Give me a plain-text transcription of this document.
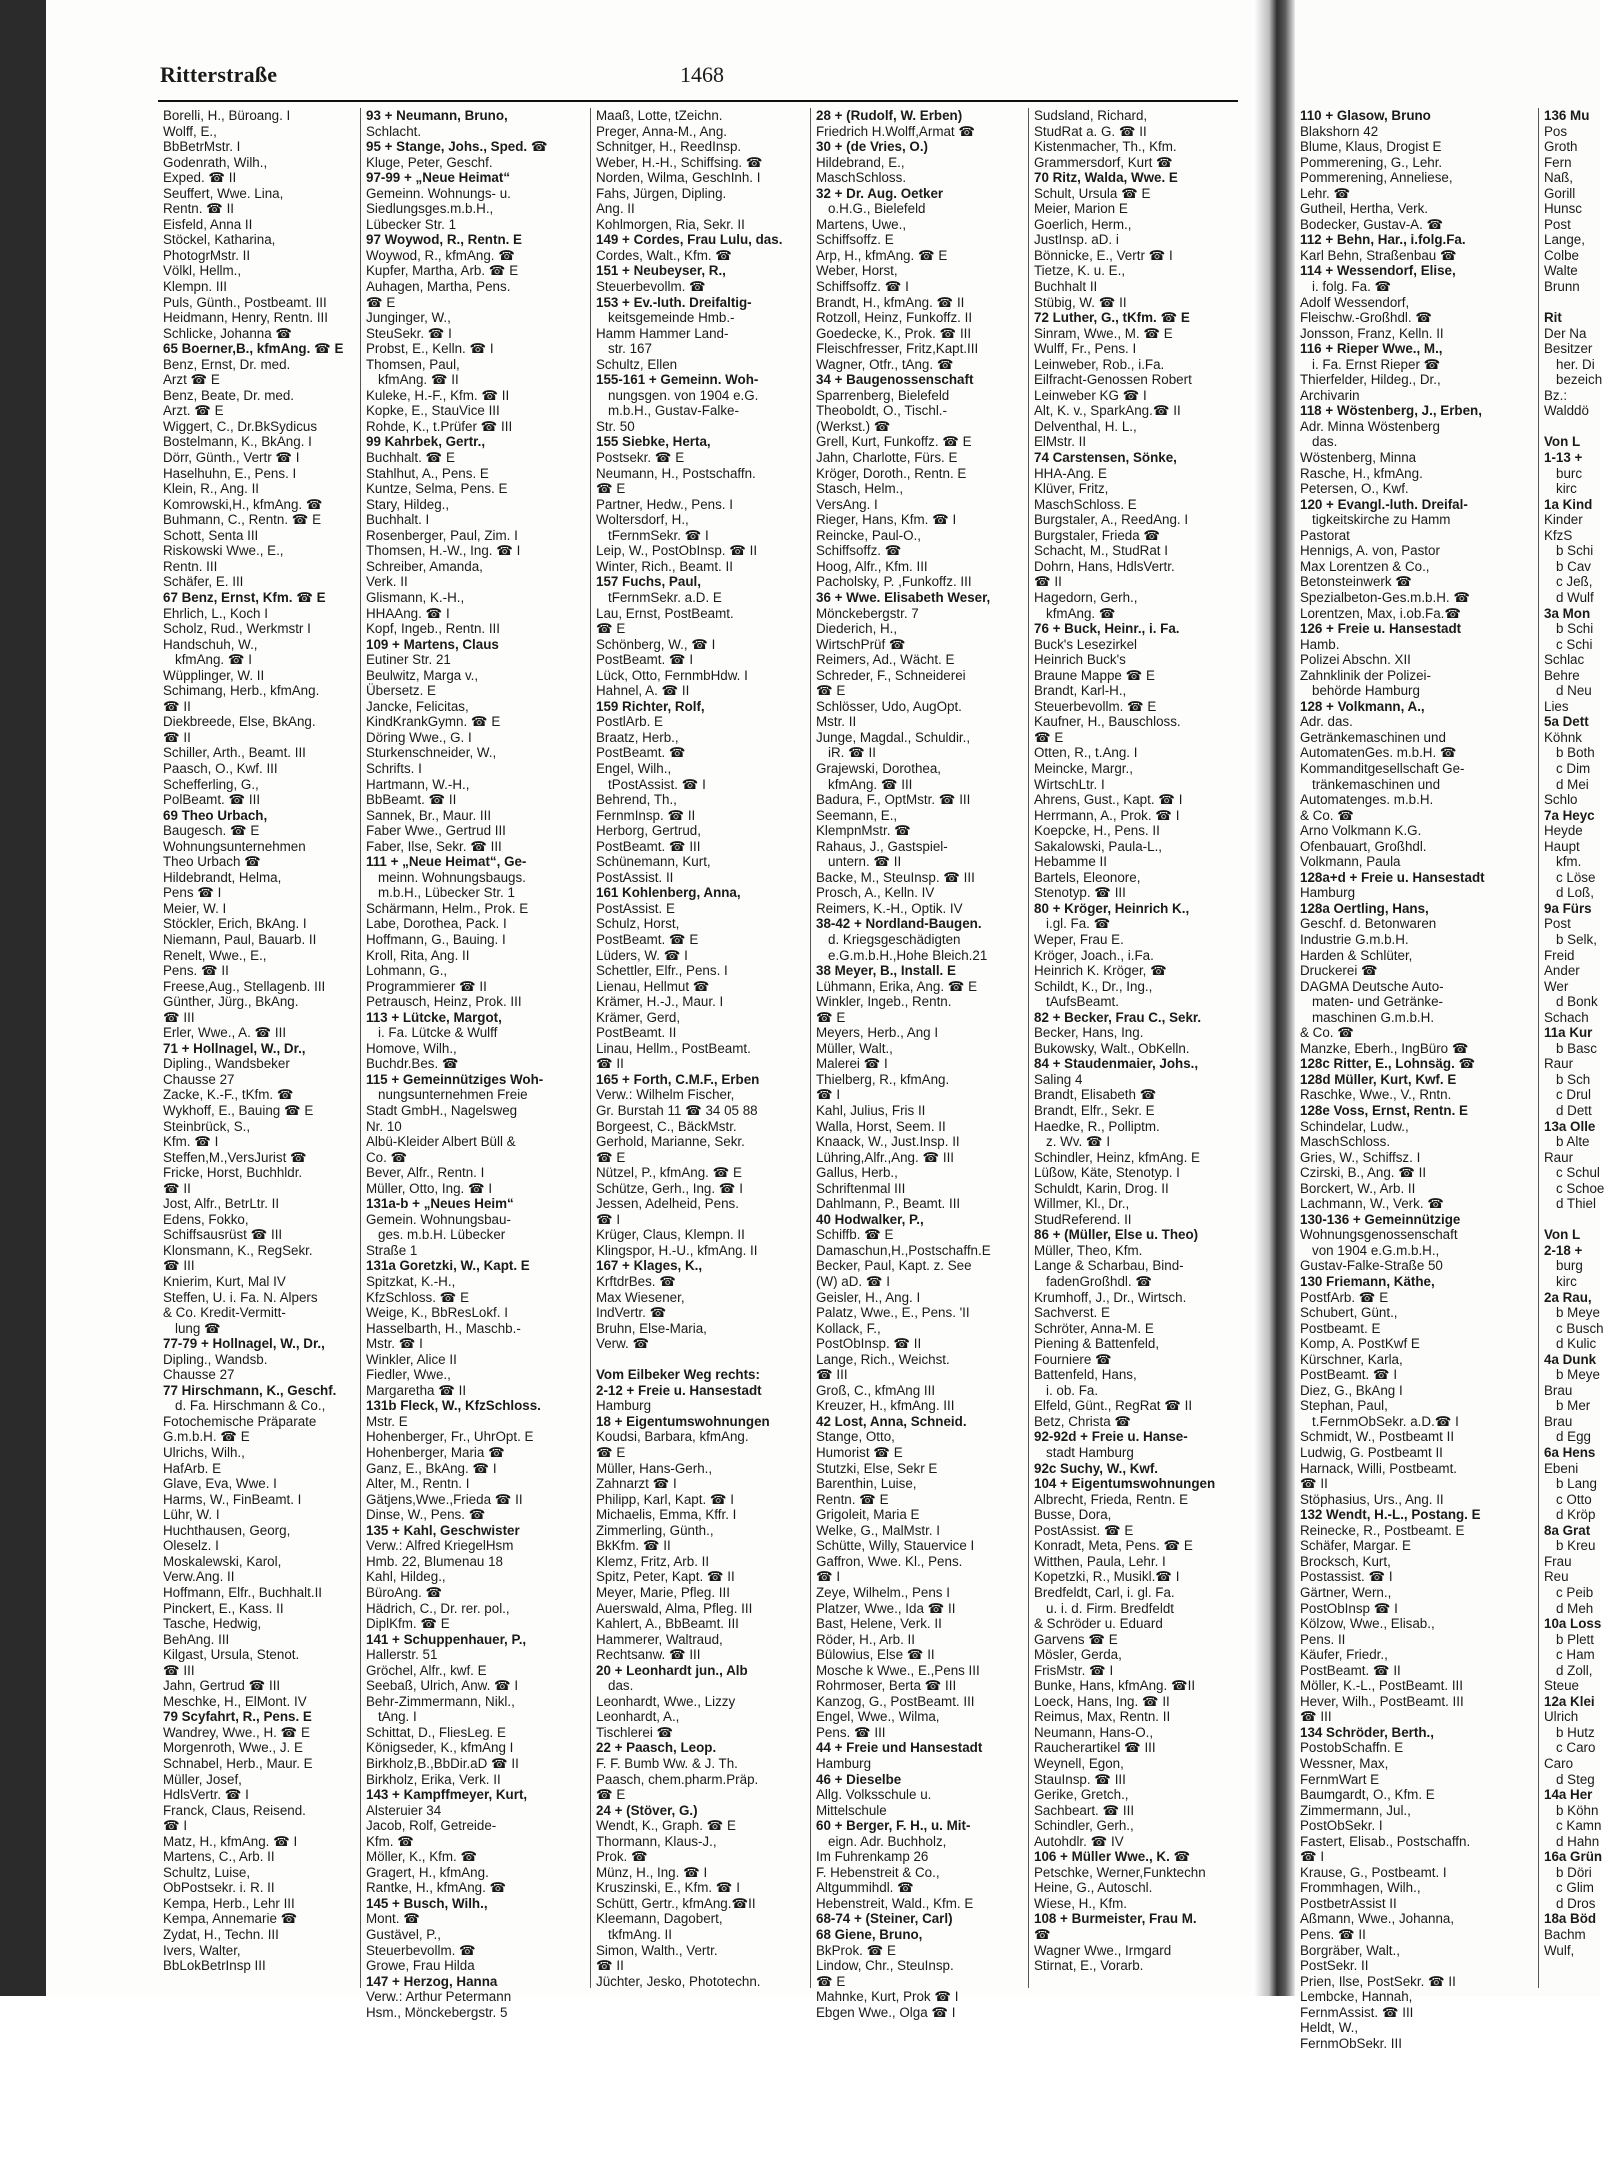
Ritterstraße	1468
Borelli, H., Büroang. I
Wolff, E.,
BbBetrMstr. I
Godenrath, Wilh.,
Exped. ☎ II
Seuffert, Wwe. Lina,
Rentn. ☎ II
Eisfeld, Anna II
Stöckel, Katharina,
PhotogrMstr. II
Völkl, Hellm.,
Klempn. III
Puls, Günth., Postbeamt. III
Heidmann, Henry, Rentn. III
Schlicke, Johanna ☎
65 Boerner,B., kfmAng. ☎ E
Benz, Ernst, Dr. med.
Arzt ☎ E
Benz, Beate, Dr. med.
Arzt. ☎ E
Wiggert, C., Dr.BkSydicus
Bostelmann, K., BkAng. I
Dörr, Günth., Vertr ☎ I
Haselhuhn, E., Pens. I
Klein, R., Ang. II
Komrowski,H., kfmAng. ☎
Buhmann, C., Rentn. ☎ E
Schott, Senta III
Riskowski Wwe., E.,
Rentn. III
Schäfer, E. III
67 Benz, Ernst, Kfm. ☎ E
Ehrlich, L., Koch I
Scholz, Rud., Werkmstr I
Handschuh, W.,
kfmAng. ☎ I
Wüpplinger, W. II
Schimang, Herb., kfmAng.
☎ II
Diekbreede, Else, BkAng.
☎ II
Schiller, Arth., Beamt. III
Paasch, O., Kwf. III
Schefferling, G.,
PolBeamt. ☎ III
69 Theo Urbach,
Baugesch. ☎ E
Wohnungsunternehmen
Theo Urbach ☎
Hildebrandt, Helma,
Pens ☎ I
Meier, W. I
Stöckler, Erich, BkAng. I
Niemann, Paul, Bauarb. II
Renelt, Wwe., E.,
Pens. ☎ II
Freese,Aug., Stellagenb. III
Günther, Jürg., BkAng.
☎ III
Erler, Wwe., A. ☎ III
71 + Hollnagel, W., Dr.,
Dipling., Wandsbeker
Chausse 27
Zacke, K.-F., tKfm. ☎
Wykhoff, E., Bauing ☎ E
Steinbrück, S.,
Kfm. ☎ I
Steffen,M.,VersJurist ☎
Fricke, Horst, Buchhldr.
☎ II
Jost, Alfr., BetrLtr. II
Edens, Fokko,
Schiffsausrüst ☎ III
Klonsmann, K., RegSekr.
☎ III
Knierim, Kurt, Mal IV
Steffen, U. i. Fa. N. Alpers
& Co. Kredit-Vermitt-
lung ☎
77-79 + Hollnagel, W., Dr.,
Dipling., Wandsb.
Chausse 27
77 Hirschmann, K., Geschf.
d. Fa. Hirschmann & Co.,
Fotochemische Präparate
G.m.b.H. ☎ E
Ulrichs, Wilh.,
HafArb. E
Glave, Eva, Wwe. I
Harms, W., FinBeamt. I
Lühr, W. I
Huchthausen, Georg,
Oleselz. I
Moskalewski, Karol,
Verw.Ang. II
Hoffmann, Elfr., Buchhalt.II
Pinckert, E., Kass. II
Tasche, Hedwig,
BehAng. III
Kilgast, Ursula, Stenot.
☎ III
Jahn, Gertrud ☎ III
Meschke, H., ElMont. IV
79 Scyfahrt, R., Pens. E
Wandrey, Wwe., H. ☎ E
Morgenroth, Wwe., J. E
Schnabel, Herb., Maur. E
Müller, Josef,
HdlsVertr. ☎ I
Franck, Claus, Reisend.
☎ I
Matz, H., kfmAng. ☎ I
Martens, C., Arb. II
Schultz, Luise,
ObPostsekr. i. R. II
Kempa, Herb., Lehr III
Kempa, Annemarie ☎
Zydat, H., Techn. III
Ivers, Walter,
BbLokBetrInsp III
93 + Neumann, Bruno,
Schlacht.
95 + Stange, Johs., Sped. ☎
Kluge, Peter, Geschf.
97-99 + „Neue Heimat“
Gemeinn. Wohnungs- u.
Siedlungsges.m.b.H.,
Lübecker Str. 1
97 Woywod, R., Rentn. E
Woywod, R., kfmAng. ☎
Kupfer, Martha, Arb. ☎ E
Auhagen, Martha, Pens.
☎ E
Junginger, W.,
SteuSekr. ☎ I
Probst, E., Kelln. ☎ I
Thomsen, Paul,
kfmAng. ☎ II
Kuleke, H.-F., Kfm. ☎ II
Kopke, E., StauVice III
Rohde, K., t.Prüfer ☎ III
99 Kahrbek, Gertr.,
Buchhalt. ☎ E
Stahlhut, A., Pens. E
Kuntze, Selma, Pens. E
Stary, Hildeg.,
Buchhalt. I
Rosenberger, Paul, Zim. I
Thomsen, H.-W., Ing. ☎ I
Schreiber, Amanda,
Verk. II
Glismann, K.-H.,
HHAAng. ☎ I
Kopf, Ingeb., Rentn. III
109 + Martens, Claus
Eutiner Str. 21
Beulwitz, Marga v.,
Übersetz. E
Jancke, Felicitas,
KindKrankGymn. ☎ E
Döring Wwe., G. I
Sturkenschneider, W.,
Schrifts. I
Hartmann, W.-H.,
BbBeamt. ☎ II
Sannek, Br., Maur. III
Faber Wwe., Gertrud III
Faber, Ilse, Sekr. ☎ III
111 + „Neue Heimat“, Ge-
meinn. Wohnungsbaugs.
m.b.H., Lübecker Str. 1
Schärmann, Helm., Prok. E
Labe, Dorothea, Pack. I
Hoffmann, G., Bauing. I
Kroll, Rita, Ang. II
Lohmann, G.,
Programmierer ☎ II
Petrausch, Heinz, Prok. III
113 + Lütcke, Margot,
i. Fa. Lütcke & Wulff
Homove, Wilh.,
Buchdr.Bes. ☎
115 + Gemeinnütziges Woh-
nungsunternehmen Freie
Stadt GmbH., Nagelsweg
Nr. 10
Albü-Kleider Albert Büll &
Co. ☎
Bever, Alfr., Rentn. I
Müller, Otto, Ing. ☎ I
131a-b + „Neues Heim“
Gemein. Wohnungsbau-
ges. m.b.H. Lübecker
Straße 1
131a Goretzki, W., Kapt. E
Spitzkat, K.-H.,
KfzSchloss. ☎ E
Weige, K., BbResLokf. I
Hasselbarth, H., Maschb.-
Mstr. ☎ I
Winkler, Alice II
Fiedler, Wwe.,
Margaretha ☎ II
131b Fleck, W., KfzSchloss.
Mstr. E
Hohenberger, Fr., UhrOpt. E
Hohenberger, Maria ☎
Ganz, E., BkAng. ☎ I
Alter, M., Rentn. I
Gätjens,Wwe.,Frieda ☎ II
Dinse, W., Pens. ☎
135 + Kahl, Geschwister
Verw.: Alfred KriegelHsm
Hmb. 22, Blumenau 18
Kahl, Hildeg.,
BüroAng. ☎
Hädrich, C., Dr. rer. pol.,
DiplKfm. ☎ E
141 + Schuppenhauer, P.,
Hallerstr. 51
Gröchel, Alfr., kwf. E
Seebaß, Ulrich, Anw. ☎ I
Behr-Zimmermann, Nikl.,
tAng. I
Schittat, D., FliesLeg. E
Königseder, K., kfmAng I
Birkholz,B.,BbDir.aD ☎ II
Birkholz, Erika, Verk. II
143 + Kampffmeyer, Kurt,
Alsteruier 34
Jacob, Rolf, Getreide-
Kfm. ☎
Möller, K., Kfm. ☎
Gragert, H., kfmAng.
Rantke, H., kfmAng. ☎
145 + Busch, Wilh.,
Mont. ☎
Gustävel, P.,
Steuerbevollm. ☎
Growe, Frau Hilda
147 + Herzog, Hanna
Verw.: Arthur Petermann
Hsm., Mönckebergstr. 5
Maaß, Lotte, tZeichn.
Preger, Anna-M., Ang.
Schnitger, H., ReedInsp.
Weber, H.-H., Schiffsing. ☎
Norden, Wilma, GeschInh. I
Fahs, Jürgen, Dipling.
Ang. II
Kohlmorgen, Ria, Sekr. II
149 + Cordes, Frau Lulu, das.
Cordes, Walt., Kfm. ☎
151 + Neubeyser, R.,
Steuerbevollm. ☎
153 + Ev.-luth. Dreifaltig-
keitsgemeinde Hmb.-
Hamm Hammer Land-
str. 167
Schultz, Ellen
155-161 + Gemeinn. Woh-
nungsgen. von 1904 e.G.
m.b.H., Gustav-Falke-
Str. 50
155 Siebke, Herta,
Postsekr. ☎ E
Neumann, H., Postschaffn.
☎ E
Partner, Hedw., Pens. I
Woltersdorf, H.,
tFernmSekr. ☎ I
Leip, W., PostObInsp. ☎ II
Winter, Rich., Beamt. II
157 Fuchs, Paul,
tFernmSekr. a.D. E
Lau, Ernst, PostBeamt.
☎ E
Schönberg, W., ☎ I
PostBeamt. ☎ I
Lück, Otto, FernmbHdw. I
Hahnel, A. ☎ II
159 Richter, Rolf,
PostlArb. E
Braatz, Herb.,
PostBeamt. ☎
Engel, Wilh.,
tPostAssist. ☎ I
Behrend, Th.,
FernmInsp. ☎ II
Herborg, Gertrud,
PostBeamt. ☎ III
Schünemann, Kurt,
PostAssist. II
161 Kohlenberg, Anna,
PostAssist. E
Schulz, Horst,
PostBeamt. ☎ E
Lüders, W. ☎ I
Schettler, Elfr., Pens. I
Lienau, Hellmut ☎
Krämer, H.-J., Maur. I
Krämer, Gerd,
PostBeamt. II
Linau, Hellm., PostBeamt.
☎ II
165 + Forth, C.M.F., Erben
Verw.: Wilhelm Fischer,
Gr. Burstah 11 ☎ 34 05 88
Borgeest, C., BäckMstr.
Gerhold, Marianne, Sekr.
☎ E
Nützel, P., kfmAng. ☎ E
Schütze, Gerh., Ing. ☎ I
Jessen, Adelheid, Pens.
☎ I
Krüger, Claus, Klempn. II
Klingspor, H.-U., kfmAng. II
167 + Klages, K.,
KrftdrBes. ☎
Max Wiesener,
IndVertr. ☎
Bruhn, Else-Maria,
Verw. ☎
Vom Eilbeker Weg rechts:
2-12 + Freie u. Hansestadt
Hamburg
18 + Eigentumswohnungen
Koudsi, Barbara, kfmAng.
☎ E
Müller, Hans-Gerh.,
Zahnarzt ☎ I
Philipp, Karl, Kapt. ☎ I
Michaelis, Emma, Kffr. I
Zimmerling, Günth.,
BkKfm. ☎ II
Klemz, Fritz, Arb. II
Spitz, Peter, Kapt. ☎ II
Meyer, Marie, Pfleg. III
Auerswald, Alma, Pfleg. III
Kahlert, A., BbBeamt. III
Hammerer, Waltraud,
Rechtsanw. ☎ III
20 + Leonhardt jun., Alb
das.
Leonhardt, Wwe., Lizzy
Leonhardt, A.,
Tischlerei ☎
22 + Paasch, Leop.
F. F. Bumb Ww. & J. Th.
Paasch, chem.pharm.Präp.
☎ E
24 + (Stöver, G.)
Wendt, K., Graph. ☎ E
Thormann, Klaus-J.,
Prok. ☎
Münz, H., Ing. ☎ I
Kruszinski, E., Kfm. ☎ I
Schütt, Gertr., kfmAng.☎II
Kleemann, Dagobert,
tkfmAng. II
Simon, Walth., Vertr.
☎ II
Jüchter, Jesko, Phototechn.
28 + (Rudolf, W. Erben)
Friedrich H.Wolff,Armat ☎
30 + (de Vries, O.)
Hildebrand, E.,
MaschSchloss.
32 + Dr. Aug. Oetker
o.H.G., Bielefeld
Martens, Uwe.,
Schiffsoffz. E
Arp, H., kfmAng. ☎ E
Weber, Horst,
Schiffsoffz. ☎ I
Brandt, H., kfmAng. ☎ II
Rotzoll, Heinz, Funkoffz. II
Goedecke, K., Prok. ☎ III
Fleischfresser, Fritz,Kapt.III
Wagner, Otfr., tAng. ☎
34 + Baugenossenschaft
Sparrenberg, Bielefeld
Theoboldt, O., Tischl.-
(Werkst.) ☎
Grell, Kurt, Funkoffz. ☎ E
Jahn, Charlotte, Fürs. E
Kröger, Doroth., Rentn. E
Stasch, Helm.,
VersAng. I
Rieger, Hans, Kfm. ☎ I
Reincke, Paul-O.,
Schiffsoffz. ☎
Hoog, Alfr., Kfm. III
Pacholsky, P. ,Funkoffz. III
36 + Wwe. Elisabeth Weser,
Mönckebergstr. 7
Diederich, H.,
WirtschPrüf ☎
Reimers, Ad., Wächt. E
Schreder, F., Schneiderei
☎ E
Schlösser, Udo, AugOpt.
Mstr. II
Junge, Magdal., Schuldir.,
iR. ☎ II
Grajewski, Dorothea,
kfmAng. ☎ III
Badura, F., OptMstr. ☎ III
Seemann, E.,
KlempnMstr. ☎
Rahaus, J., Gastspiel-
untern. ☎ II
Backe, M., SteuInsp. ☎ III
Prosch, A., Kelln. IV
Reimers, K.-H., Optik. IV
38-42 + Nordland-Baugen.
d. Kriegsgeschädigten
e.G.m.b.H.,Hohe Bleich.21
38 Meyer, B., Install. E
Lühmann, Erika, Ang. ☎ E
Winkler, Ingeb., Rentn.
☎ E
Meyers, Herb., Ang I
Müller, Walt.,
Malerei ☎ I
Thielberg, R., kfmAng.
☎ I
Kahl, Julius, Fris II
Walla, Horst, Seem. II
Knaack, W., Just.Insp. II
Lühring,Alfr.,Ang. ☎ III
Gallus, Herb.,
Schriftenmal III
Dahlmann, P., Beamt. III
40 Hodwalker, P.,
Schiffb. ☎ E
Damaschun,H.,Postschaffn.E
Becker, Paul, Kapt. z. See
(W) aD. ☎ I
Geisler, H., Ang. I
Palatz, Wwe., E., Pens. 'II
Kollack, F.,
PostObInsp. ☎ II
Lange, Rich., Weichst.
☎ III
Groß, C., kfmAng III
Kreuzer, H., kfmAng. III
42 Lost, Anna, Schneid.
Stange, Otto,
Humorist ☎ E
Stutzki, Else, Sekr E
Barenthin, Luise,
Rentn. ☎ E
Grigoleit, Maria E
Welke, G., MalMstr. I
Schütte, Willy, Stauervice I
Gaffron, Wwe. Kl., Pens.
☎ I
Zeye, Wilhelm., Pens I
Platzer, Wwe., Ida ☎ II
Bast, Helene, Verk. II
Röder, H., Arb. II
Bülowius, Else ☎ II
Mosche k Wwe., E.,Pens III
Rohrmoser, Berta ☎ III
Kanzog, G., PostBeamt. III
Engel, Wwe., Wilma,
Pens. ☎ III
44 + Freie und Hansestadt
Hamburg
46 + Dieselbe
Allg. Volksschule u.
Mittelschule
60 + Berger, F. H., u. Mit-
eign. Adr. Buchholz,
Im Fuhrenkamp 26
F. Hebenstreit & Co.,
Altgummihdl. ☎
Hebenstreit, Wald., Kfm. E
68-74 + (Steiner, Carl)
68 Giene, Bruno,
BkProk. ☎ E
Lindow, Chr., SteuInsp.
☎ E
Mahnke, Kurt, Prok ☎ I
Ebgen Wwe., Olga ☎ I
Sudsland, Richard,
StudRat a. G. ☎ II
Kistenmacher, Th., Kfm.
Grammersdorf, Kurt ☎
70 Ritz, Walda, Wwe. E
Schult, Ursula ☎ E
Meier, Marion E
Goerlich, Herm.,
JustInsp. aD. i
Bönnicke, E., Vertr ☎ I
Tietze, K. u. E.,
Buchhalt II
Stübig, W. ☎ II
72 Luther, G., tKfm. ☎ E
Sinram, Wwe., M. ☎ E
Wulff, Fr., Pens. I
Leinweber, Rob., i.Fa.
Eilfracht-Genossen Robert
Leinweber KG ☎ I
Alt, K. v., SparkAng.☎ II
Delventhal, H. L.,
ElMstr. II
74 Carstensen, Sönke,
HHA-Ang. E
Klüver, Fritz,
MaschSchloss. E
Burgstaler, A., ReedAng. I
Burgstaler, Frieda ☎
Schacht, M., StudRat I
Dohrn, Hans, HdlsVertr.
☎ II
Hagedorn, Gerh.,
kfmAng. ☎
76 + Buck, Heinr., i. Fa.
Buck's Lesezirkel
Heinrich Buck's
Braune Mappe ☎ E
Brandt, Karl-H.,
Steuerbevollm. ☎ E
Kaufner, H., Bauschloss.
☎ E
Otten, R., t.Ang. I
Meincke, Margr.,
WirtschLtr. I
Ahrens, Gust., Kapt. ☎ I
Herrmann, A., Prok. ☎ I
Koepcke, H., Pens. II
Sakalowski, Paula-L.,
Hebamme II
Bartels, Eleonore,
Stenotyp. ☎ III
80 + Kröger, Heinrich K.,
i.gl. Fa. ☎
Weper, Frau E.
Kröger, Joach., i.Fa.
Heinrich K. Kröger, ☎
Schildt, K., Dr., Ing.,
tAufsBeamt.
82 + Becker, Frau C., Sekr.
Becker, Hans, Ing.
Bukowsky, Walt., ObKelln.
84 + Staudenmaier, Johs.,
Saling 4
Brandt, Elisabeth ☎
Brandt, Elfr., Sekr. E
Haedke, R., Polliptm.
z. Wv. ☎ I
Schindler, Heinz, kfmAng. E
Lüßow, Käte, Stenotyp. I
Schuldt, Karin, Drog. II
Willmer, Kl., Dr.,
StudReferend. II
86 + (Müller, Else u. Theo)
Müller, Theo, Kfm.
Lange & Scharbau, Bind-
fadenGroßhdl. ☎
Krumhoff, J., Dr., Wirtsch.
Sachverst. E
Schröter, Anna-M. E
Piening & Battenfeld,
Fourniere ☎
Battenfeld, Hans,
i. ob. Fa.
Elfeld, Günt., RegRat ☎ II
Betz, Christa ☎
92-92d + Freie u. Hanse-
stadt Hamburg
92c Suchy, W., Kwf.
104 + Eigentumswohnungen
Albrecht, Frieda, Rentn. E
Busse, Dora,
PostAssist. ☎ E
Konradt, Meta, Pens. ☎ E
Witthen, Paula, Lehr. I
Kopetzki, R., Musikl.☎ I
Bredfeldt, Carl, i. gl. Fa.
u. i. d. Firm. Bredfeldt
& Schröder u. Eduard
Garvens ☎ E
Mösler, Gerda,
FrisMstr. ☎ I
Bunke, Hans, kfmAng. ☎II
Loeck, Hans, Ing. ☎ II
Reimus, Max, Rentn. II
Neumann, Hans-O.,
Raucherartikel ☎ III
Weynell, Egon,
StauInsp. ☎ III
Gerike, Gretch.,
Sachbeart. ☎ III
Schindler, Gerh.,
Autohdlr. ☎ IV
106 + Müller Wwe., K. ☎
Petschke, Werner,Funktechn
Heine, G., Autoschl.
Wiese, H., Kfm.
108 + Burmeister, Frau M.
☎
Wagner Wwe., Irmgard
Stirnat, E., Vorarb.
110 + Glasow, Bruno
Blakshorn 42
Blume, Klaus, Drogist E
Pommerening, G., Lehr.
Pommerening, Anneliese,
Lehr. ☎
Gutheil, Hertha, Verk.
Bodecker, Gustav-A. ☎
112 + Behn, Har., i.folg.Fa.
Karl Behn, Straßenbau ☎
114 + Wessendorf, Elise,
i. folg. Fa. ☎
Adolf Wessendorf,
Fleischw.-Großhdl. ☎
Jonsson, Franz, Kelln. II
116 + Rieper Wwe., M.,
i. Fa. Ernst Rieper ☎
Thierfelder, Hildeg., Dr.,
Archivarin
118 + Wöstenberg, J., Erben,
Adr. Minna Wöstenberg
das.
Wöstenberg, Minna
Rasche, H., kfmAng.
Petersen, O., Kwf.
120 + Evangl.-luth. Dreifal-
tigkeitskirche zu Hamm
Pastorat
Hennigs, A. von, Pastor
Max Lorentzen & Co.,
Betonsteinwerk ☎
Spezialbeton-Ges.m.b.H. ☎
Lorentzen, Max, i.ob.Fa.☎
126 + Freie u. Hansestadt
Hamb.
Polizei Abschn. XII
Zahnklinik der Polizei-
behörde Hamburg
128 + Volkmann, A.,
Adr. das.
Getränkemaschinen und
AutomatenGes. m.b.H. ☎
Kommanditgesellschaft Ge-
tränkemaschinen und
Automatenges. m.b.H.
& Co. ☎
Arno Volkmann K.G.
Ofenbauart, Großhdl.
Volkmann, Paula
128a+d + Freie u. Hansestadt
Hamburg
128a Oertling, Hans,
Geschf. d. Betonwaren
Industrie G.m.b.H.
Harden & Schlüter,
Druckerei ☎
DAGMA Deutsche Auto-
maten- und Getränke-
maschinen G.m.b.H.
& Co. ☎
Manzke, Eberh., IngBüro ☎
128c Ritter, E., Lohnsäg. ☎
128d Müller, Kurt, Kwf. E
Raschke, Wwe., V., Rntn.
128e Voss, Ernst, Rentn. E
Schindelar, Ludw.,
MaschSchloss.
Gries, W., Schiffsz. I
Czirski, B., Ang. ☎ II
Borckert, W., Arb. II
Lachmann, W., Verk. ☎
130-136 + Gemeinnützige
Wohnungsgenossenschaft
von 1904 e.G.m.b.H.,
Gustav-Falke-Straße 50
130 Friemann, Käthe,
PostfArb. ☎ E
Schubert, Günt.,
Postbeamt. E
Komp, A. PostKwf E
Kürschner, Karla,
PostBeamt. ☎ I
Diez, G., BkAng I
Stephan, Paul,
t.FernmObSekr. a.D.☎ I
Schmidt, W., Postbeamt II
Ludwig, G. Postbeamt II
Harnack, Willi, Postbeamt.
☎ II
Stöphasius, Urs., Ang. II
132 Wendt, H.-L., Postang. E
Reinecke, R., Postbeamt. E
Schäfer, Margar. E
Brocksch, Kurt,
Postassist. ☎ I
Gärtner, Wern.,
PostObInsp ☎ I
Kölzow, Wwe., Elisab.,
Pens. II
Käufer, Friedr.,
PostBeamt. ☎ II
Möller, K.-L., PostBeamt. III
Hever, Wilh., PostBeamt. III
☎ III
134 Schröder, Berth.,
PostobSchaffn. E
Wessner, Max,
FernmWart E
Baumgardt, O., Kfm. E
Zimmermann, Jul.,
PostObSekr. I
Fastert, Elisab., Postschaffn.
☎ I
Krause, G., Postbeamt. I
Frommhagen, Wilh.,
PostbetrAssist II
Aßmann, Wwe., Johanna,
Pens. ☎ II
Borgräber, Walt.,
PostSekr. II
Prien, Ilse, PostSekr. ☎ II
Lembcke, Hannah,
FernmAssist. ☎ III
Heldt, W.,
FernmObSekr. III
136 Mu
Pos
Groth
Fern
Naß,
Gorill
Hunsc
Post
Lange,
Colbe
Walte
Brunn
Rit
Der Na
Besitzer
her. Di
bezeich
Bz.:
Walddö
Von L
1-13 +
burc
kirc
1a Kind
Kinder
KfzS
b Schi
b Cav
c Jeß,
d Wulf
3a Mon
b Schi
c Schi
Schlac
Behre
d Neu
Lies
5a Dett
Köhnk
b Both
c Dim
d Mei
Schlo
7a Heyc
Heyde
Haupt
kfm.
c Löse
d Loß,
9a Fürs
Post
b Selk,
Freid
Ander
Wer
d Bonk
Schach
11a Kur
b Basc
Raur
b Sch
c Drul
d Dett
13a Olle
b Alte
Raur
c Schul
c Schoe
d Thiel
Von L
2-18 +
burg
kirc
2a Rau,
b Meye
c Busch
d Kulic
4a Dunk
b Meye
Brau
b Mer
Brau
d Egg
6a Hens
Ebeni
b Lang
c Otto
d Kröp
8a Grat
b Kreu
Frau
Reu
c Peib
d Meh
10a Loss
b Plett
c Ham
d Zoll,
Steue
12a Klei
Ulrich
b Hutz
c Caro
Caro
d Steg
14a Her
b Köhn
c Kamn
d Hahn
16a Grün
b Döri
c Glim
d Dros
18a Böd
Bachm
Wulf,
